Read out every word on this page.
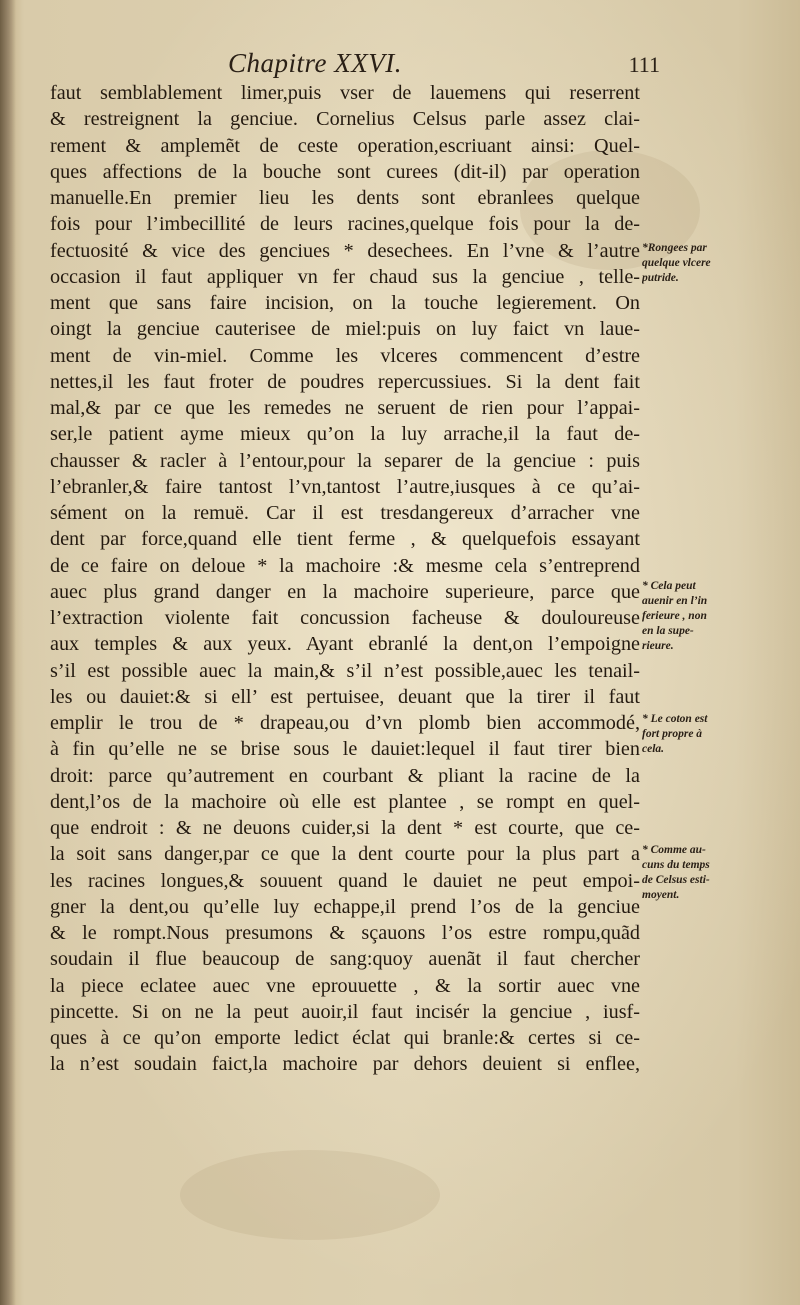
Chapitre XXVI.	111
faut semblablement limer,puis vser de lauemens qui reserrent
& restreignent la genciue. Cornelius Celsus parle assez clai-
rement & amplemẽt de ceste operation,escriuant ainsi: Quel-
ques affections de la bouche sont curees (dit-il) par operation
manuelle.En premier lieu les dents sont ebranlees quelque
fois pour l’imbecillité de leurs racines,quelque fois pour la de-
fectuosité & vice des genciues * desechees. En l’vne & l’autre
occasion il faut appliquer vn fer chaud sus la genciue , telle-
ment que sans faire incision, on la touche legierement. On
oingt la genciue cauterisee de miel:puis on luy faict vn laue-
ment de vin-miel. Comme les vlceres commencent d’estre
nettes,il les faut froter de poudres repercussiues. Si la dent fait
mal,& par ce que les remedes ne seruent de rien pour l’appai-
ser,le patient ayme mieux qu’on la luy arrache,il la faut de-
chausser & racler à l’entour,pour la separer de la genciue : puis
l’ebranler,& faire tantost l’vn,tantost l’autre,iusques à ce qu’ai-
sément on la remuë. Car il est tresdangereux d’arracher vne
dent par force,quand elle tient ferme , & quelquefois essayant
de ce faire on deloue * la machoire :& mesme cela s’entreprend
auec plus grand danger en la machoire superieure, parce que
l’extraction violente fait concussion facheuse & douloureuse
aux temples & aux yeux. Ayant ebranlé la dent,on l’empoigne
s’il est possible auec la main,& s’il n’est possible,auec les tenail-
les ou dauiet:& si ell’ est pertuisee, deuant que la tirer il faut
emplir le trou de * drapeau,ou d’vn plomb bien accommodé,
à fin qu’elle ne se brise sous le dauiet:lequel il faut tirer bien
droit: parce qu’autrement en courbant & pliant la racine de la
dent,l’os de la machoire où elle est plantee , se rompt en quel-
que endroit : & ne deuons cuider,si la dent * est courte, que ce-
la soit sans danger,par ce que la dent courte pour la plus part a
les racines longues,& souuent quand le dauiet ne peut empoi-
gner la dent,ou qu’elle luy echappe,il prend l’os de la genciue
& le rompt.Nous presumons & sçauons l’os estre rompu,quãd
soudain il flue beaucoup de sang:quoy auenãt il faut chercher
la piece eclatee auec vne eprouuette , & la sortir auec vne
pincette. Si on ne la peut auoir,il faut incisér la genciue , iusf-
ques à ce qu’on emporte ledict éclat qui branle:& certes si ce-
la n’est soudain faict,la machoire par dehors deuient si enflee,
*Rongees par
quelque vlcere
putride.
* Cela peut
auenir en l’in
ferieure , non
en la supe-
rieure.
* Le coton est
fort propre à
cela.
* Comme au-
cuns du temps
de Celsus esti-
moyent.
